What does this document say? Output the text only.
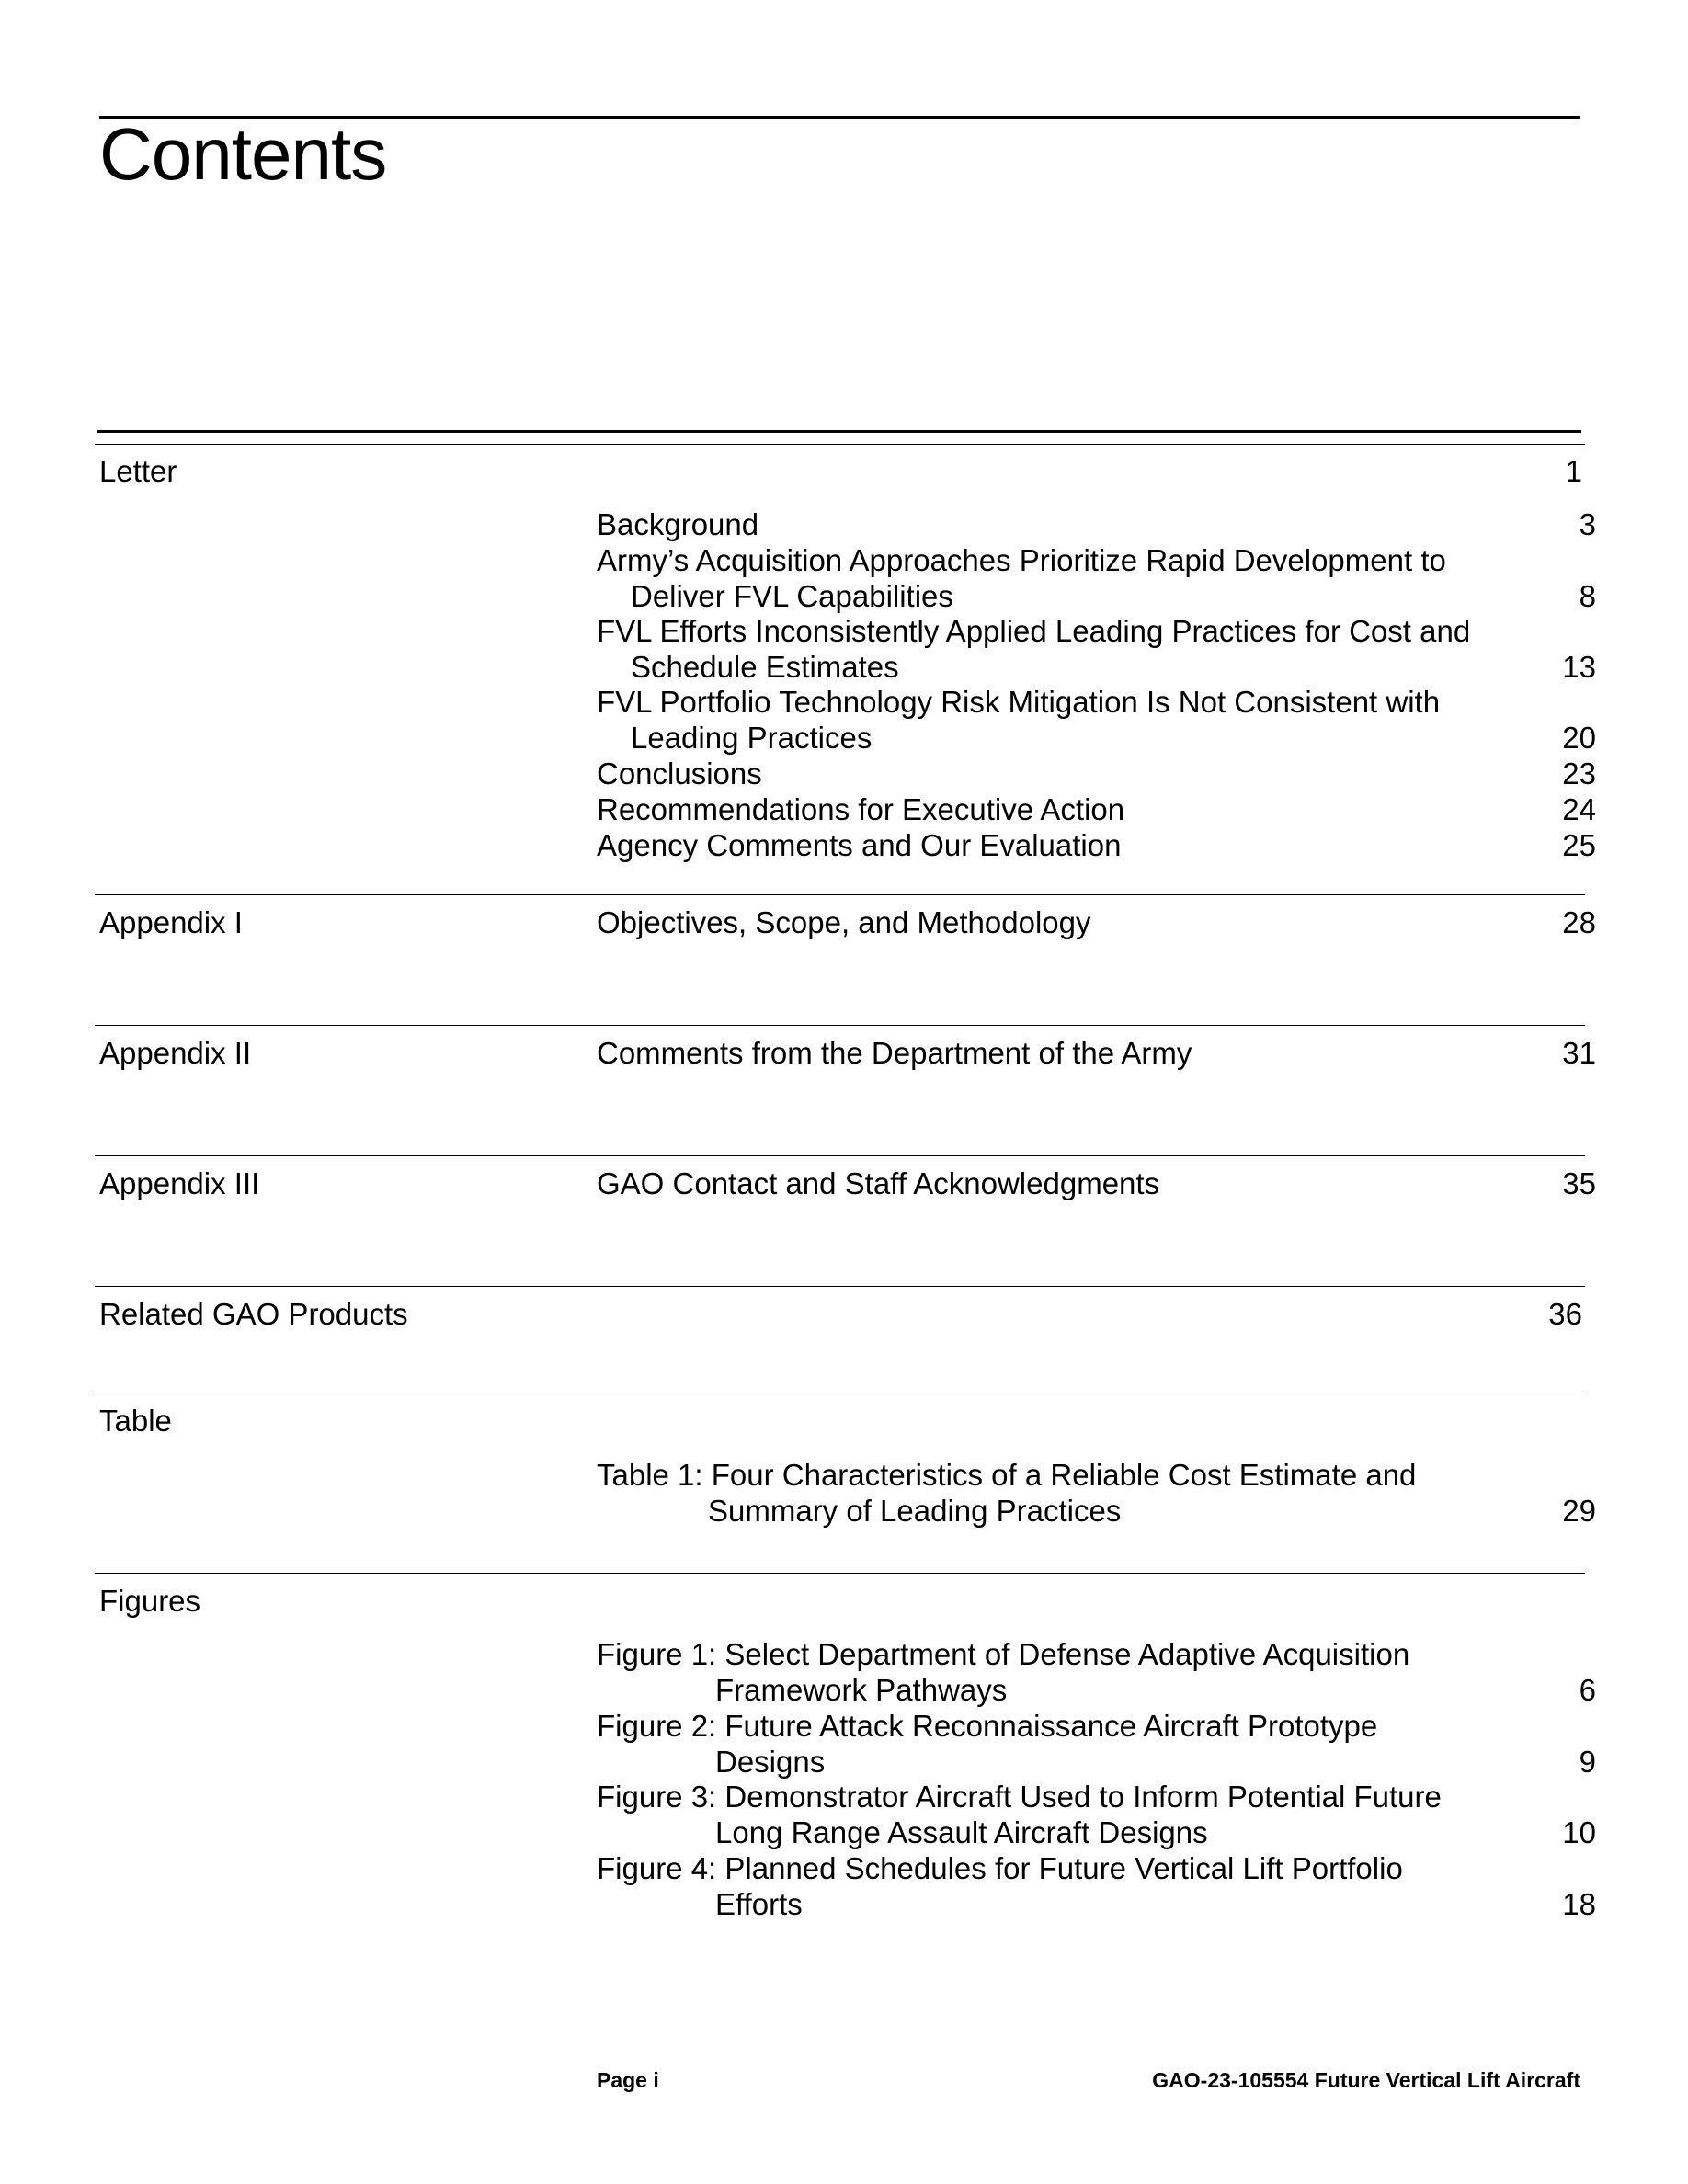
Contents
Letter	1
Background	3
Army’s Acquisition Approaches Prioritize Rapid Development to
Deliver FVL Capabilities	8
FVL Efforts Inconsistently Applied Leading Practices for Cost and
Schedule Estimates	13
FVL Portfolio Technology Risk Mitigation Is Not Consistent with
Leading Practices	20
Conclusions	23
Recommendations for Executive Action	24
Agency Comments and Our Evaluation	25
Appendix I	Objectives, Scope, and Methodology	28
Appendix II	Comments from the Department of the Army	31
Appendix III	GAO Contact and Staff Acknowledgments	35
Related GAO Products	36
Table
Table 1: Four Characteristics of a Reliable Cost Estimate and
Summary of Leading Practices	29
Figures
Figure 1: Select Department of Defense Adaptive Acquisition
Framework Pathways	6
Figure 2: Future Attack Reconnaissance Aircraft Prototype
Designs	9
Figure 3: Demonstrator Aircraft Used to Inform Potential Future
Long Range Assault Aircraft Designs	10
Figure 4: Planned Schedules for Future Vertical Lift Portfolio
Efforts	18
Page i	GAO-23-105554 Future Vertical Lift Aircraft
